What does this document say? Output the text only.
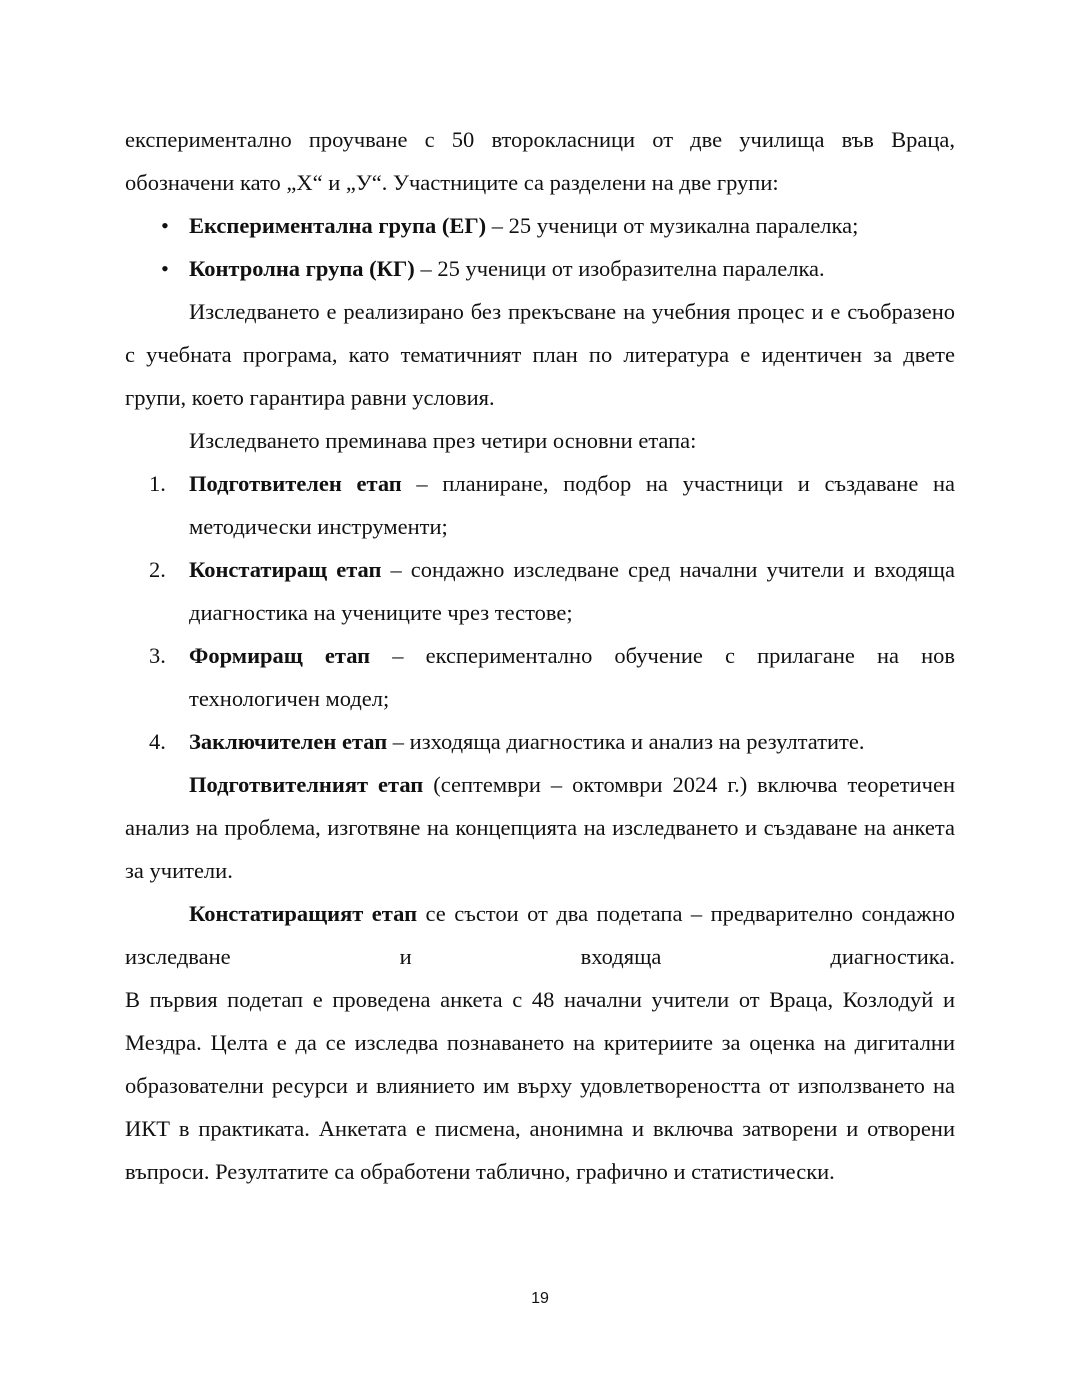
експериментално проучване с 50 второкласници от две училища във Враца, обозначени като „Х“ и „У“. Участниците са разделени на две групи:

• Експериментална група (ЕГ) – 25 ученици от музикална паралелка;
• Контролна група (КГ) – 25 ученици от изобразителна паралелка.

Изследването е реализирано без прекъсване на учебния процес и е съобразено с учебната програма, като тематичният план по литература е идентичен за двете групи, което гарантира равни условия.

Изследването преминава през четири основни етапа:

1.	Подготвителен етап – планиране, подбор на участници и създаване на методически инструменти;
2.	Констатиращ етап – сондажно изследване сред начални учители и входяща диагностика на учениците чрез тестове;
3.	Формиращ етап – експериментално обучение с прилагане на нов технологичен модел;
4.	Заключителен етап – изходяща диагностика и анализ на резултатите.

Подготвителният етап (септември – октомври 2024 г.) включва теоретичен анализ на проблема, изготвяне на концепцията на изследването и създаване на анкета за учители.

Констатиращият етап се състои от два подетапа – предварително сондажно изследване и входяща диагностика.

В първия подетап е проведена анкета с 48 начални учители от Враца, Козлодуй и Мездра. Целта е да се изследва познаването на критериите за оценка на дигитални образователни ресурси и влиянието им върху удовлетвореността от използването на ИКТ в практиката. Анкетата е писмена, анонимна и включва затворени и отворени въпроси. Резултатите са обработени таблично, графично и статистически.

19
